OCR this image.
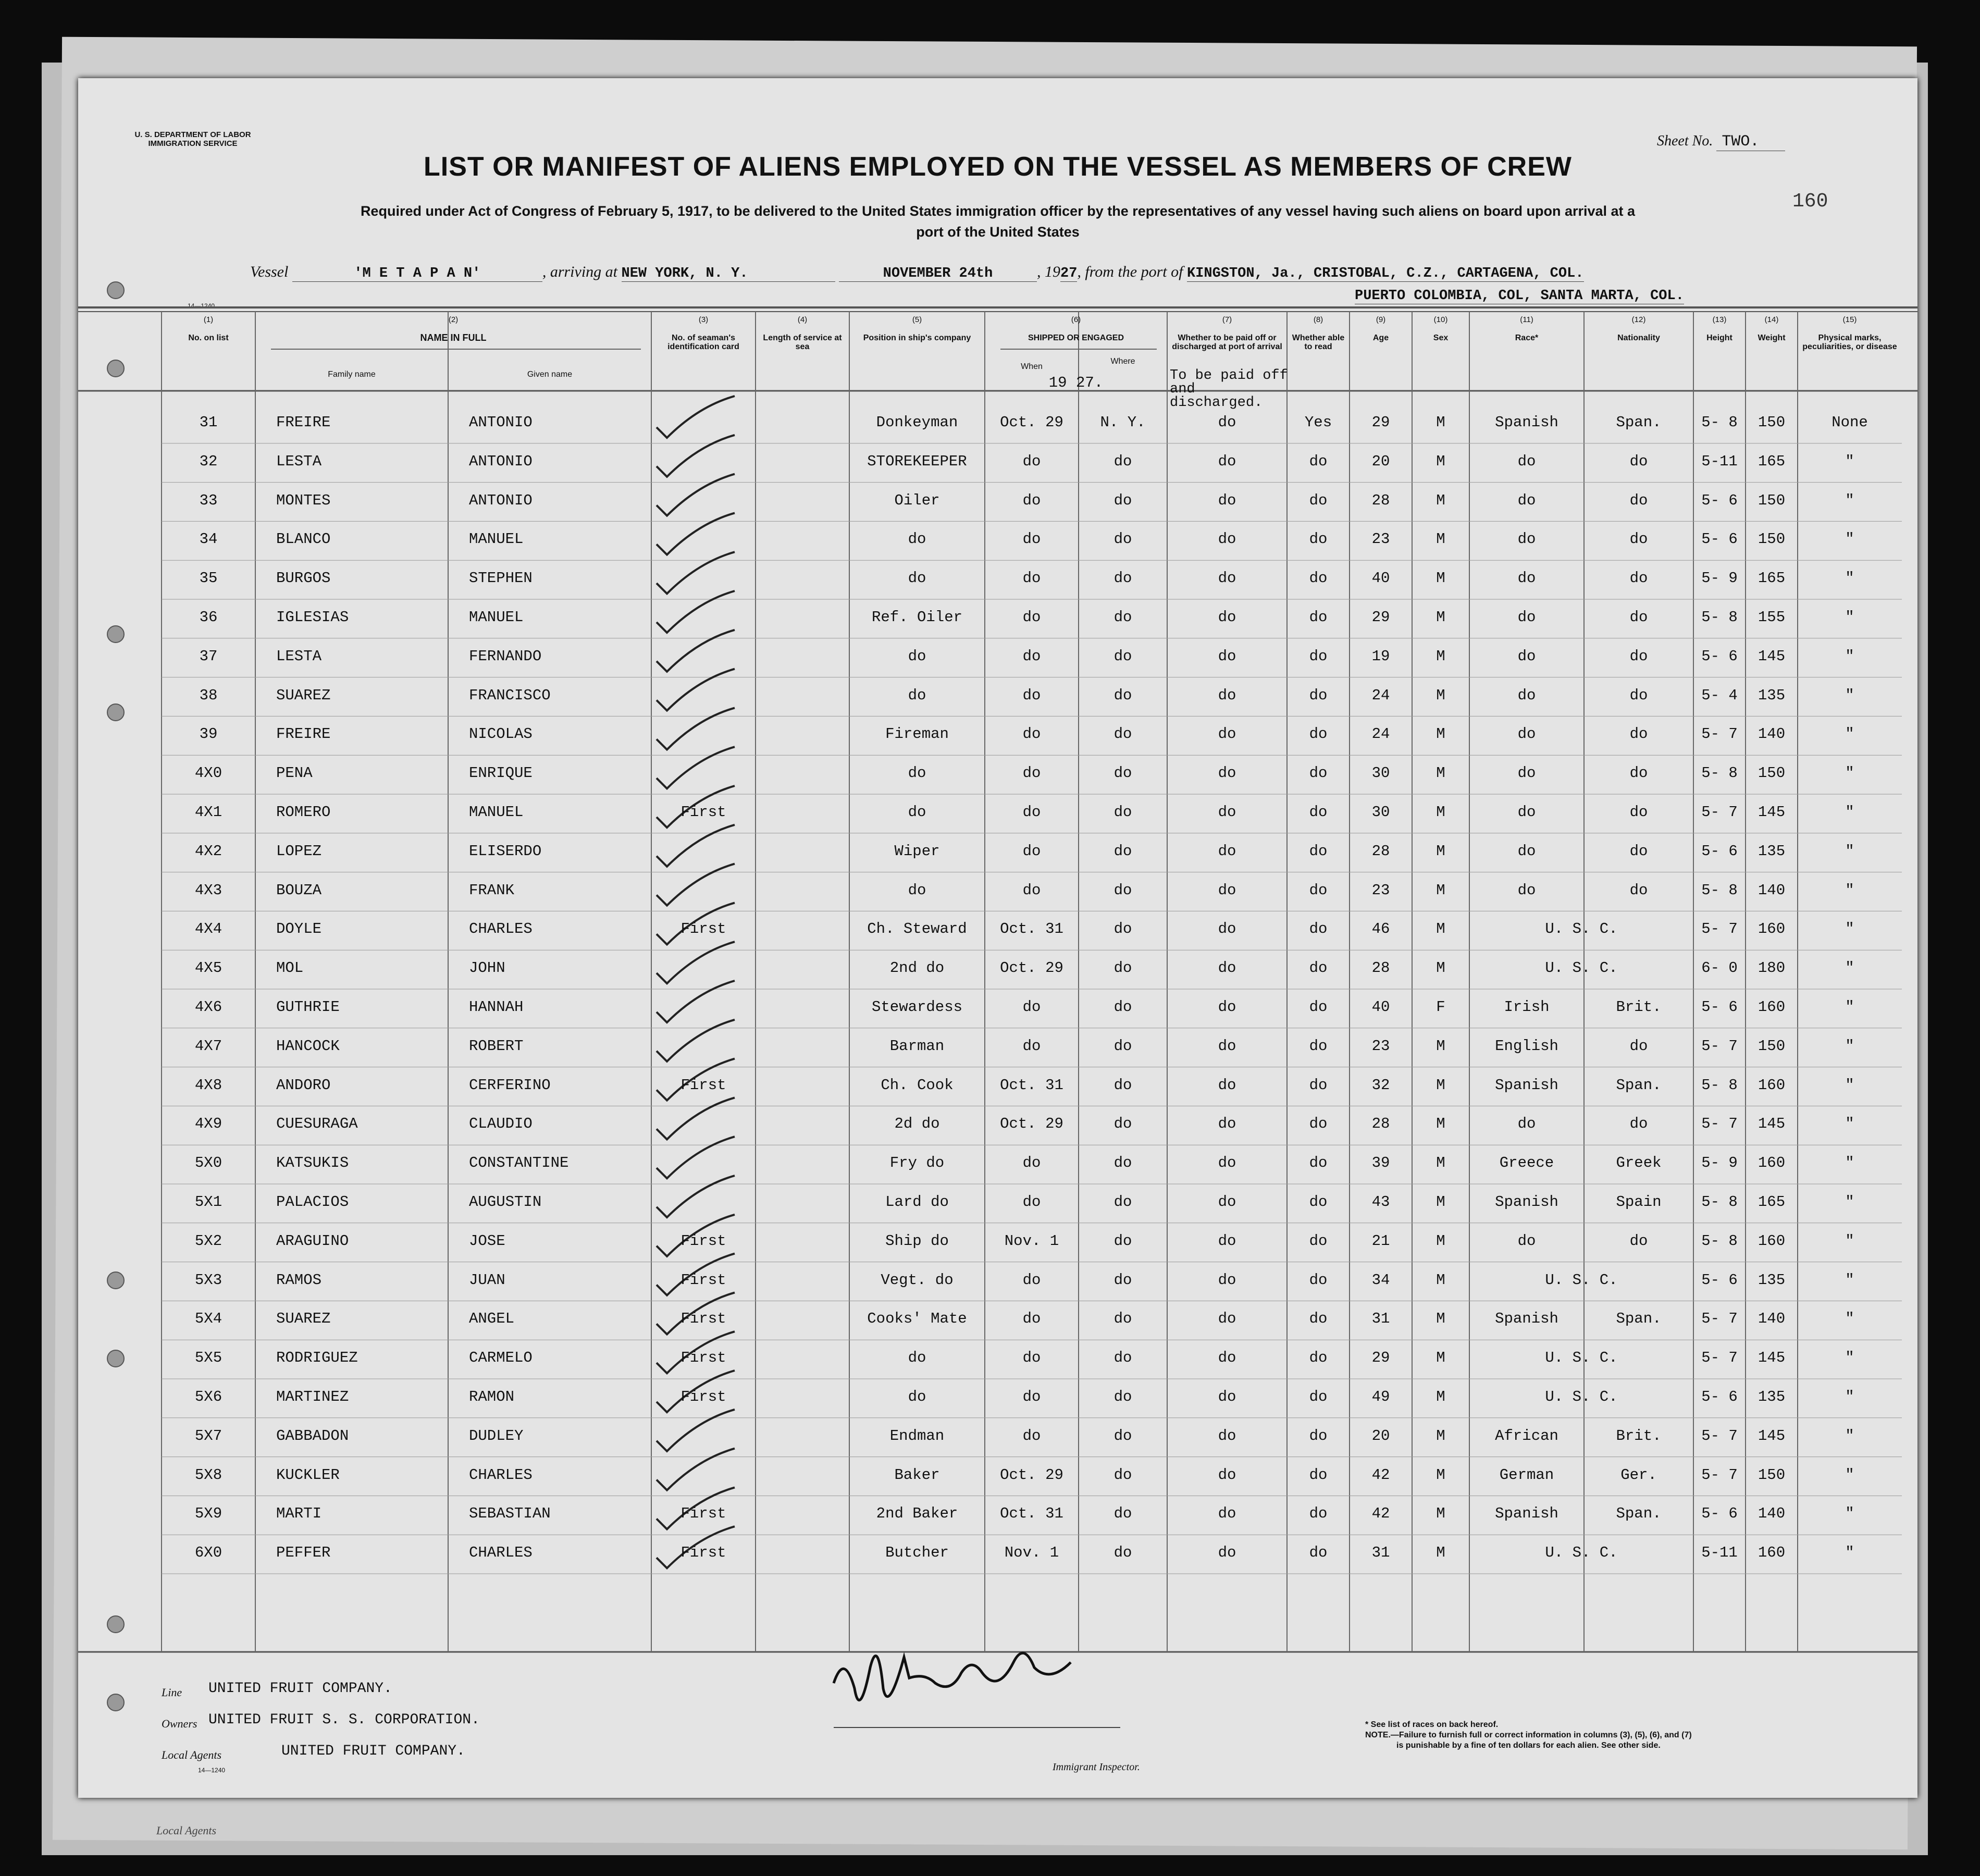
U. S. DEPARTMENT OF LABOR
IMMIGRATION SERVICE
14—1240
Sheet No. TWO.
160
LIST OR MANIFEST OF ALIENS EMPLOYED ON THE VESSEL AS MEMBERS OF CREW
Required under Act of Congress of February 5, 1917, to be delivered to the United States immigration officer by the representatives of any vessel having such aliens on board upon arrival at a
port of the United States
Vessel	'M E T A P A N'	, arriving at NEW YORK, N. Y.	NOVEMBER 24th	, 1927, from the port of KINGSTON, Ja., CRISTOBAL, C.Z., CARTAGENA, COL.
PUERTO COLOMBIA, COL, SANTA MARTA, COL.
(1)
No. on list
(3)
No. of seaman's identification card
(4)
Length of service at sea
(5)
Position in ship's company
(7)
Whether to be paid off or discharged at port of arrival
(8)
Whether able to read
(9)
Age
(10)
Sex
(11)
Race*
(12)
Nationality
(13)
Height
(14)
Weight
(15)
Physical marks, peculiarities, or disease
(2)
NAME IN FULL
Family name	Given name
(6)
SHIPPED OR ENGAGED
When
Where
19 27.	To be paid off and discharged.
31	FREIRE	ANTONIO	Donkeyman	Oct. 29	N. Y.	do	Yes	29	M	Spanish	Span.	5- 8	150	None
32	LESTA	ANTONIO	STOREKEEPER	do	do	do	do	20	M	do	do	5-11	165	"
33	MONTES	ANTONIO	Oiler	do	do	do	do	28	M	do	do	5- 6	150	"
34	BLANCO	MANUEL	do	do	do	do	do	23	M	do	do	5- 6	150	"
35	BURGOS	STEPHEN	do	do	do	do	do	40	M	do	do	5- 9	165	"
36	IGLESIAS	MANUEL	Ref. Oiler	do	do	do	do	29	M	do	do	5- 8	155	"
37	LESTA	FERNANDO	do	do	do	do	do	19	M	do	do	5- 6	145	"
38	SUAREZ	FRANCISCO	do	do	do	do	do	24	M	do	do	5- 4	135	"
39	FREIRE	NICOLAS	Fireman	do	do	do	do	24	M	do	do	5- 7	140	"
4X0	PENA	ENRIQUE	do	do	do	do	do	30	M	do	do	5- 8	150	"
4X1	ROMERO	MANUEL	First	do	do	do	do	do	30	M	do	do	5- 7	145	"
4X2	LOPEZ	ELISERDO	Wiper	do	do	do	do	28	M	do	do	5- 6	135	"
4X3	BOUZA	FRANK	do	do	do	do	do	23	M	do	do	5- 8	140	"
4X4	DOYLE	CHARLES	First	Ch. Steward	Oct. 31	do	do	do	46	M	U. S. C.	5- 7	160	"
4X5	MOL	JOHN	2nd do	Oct. 29	do	do	do	28	M	U. S. C.	6- 0	180	"
4X6	GUTHRIE	HANNAH	Stewardess	do	do	do	do	40	F	Irish	Brit.	5- 6	160	"
4X7	HANCOCK	ROBERT	Barman	do	do	do	do	23	M	English	do	5- 7	150	"
4X8	ANDORO	CERFERINO	First	Ch. Cook	Oct. 31	do	do	do	32	M	Spanish	Span.	5- 8	160	"
4X9	CUESURAGA	CLAUDIO	2d do	Oct. 29	do	do	do	28	M	do	do	5- 7	145	"
5X0	KATSUKIS	CONSTANTINE	Fry do	do	do	do	do	39	M	Greece	Greek	5- 9	160	"
5X1	PALACIOS	AUGUSTIN	Lard do	do	do	do	do	43	M	Spanish	Spain	5- 8	165	"
5X2	ARAGUINO	JOSE	First	Ship do	Nov. 1	do	do	do	21	M	do	do	5- 8	160	"
5X3	RAMOS	JUAN	First	Vegt. do	do	do	do	do	34	M	U. S. C.	5- 6	135	"
5X4	SUAREZ	ANGEL	First	Cooks' Mate	do	do	do	do	31	M	Spanish	Span.	5- 7	140	"
5X5	RODRIGUEZ	CARMELO	First	do	do	do	do	do	29	M	U. S. C.	5- 7	145	"
5X6	MARTINEZ	RAMON	First	do	do	do	do	do	49	M	U. S. C.	5- 6	135	"
5X7	GABBADON	DUDLEY	Endman	do	do	do	do	20	M	African	Brit.	5- 7	145	"
5X8	KUCKLER	CHARLES	Baker	Oct. 29	do	do	do	42	M	German	Ger.	5- 7	150	"
5X9	MARTI	SEBASTIAN	First	2nd Baker	Oct. 31	do	do	do	42	M	Spanish	Span.	5- 6	140	"
6X0	PEFFER	CHARLES	First	Butcher	Nov. 1	do	do	do	31	M	U. S. C.	5-11	160	"
Line UNITED FRUIT COMPANY.
Owners UNITED FRUIT S. S. CORPORATION.
Local Agents	UNITED FRUIT COMPANY.
14—1240	Immigrant Inspector.
* See list of races on back hereof.
NOTE.—Failure to furnish full or correct information in columns (3), (5), (6), and (7)
is punishable by a fine of ten dollars for each alien. See other side.
Local Agents
